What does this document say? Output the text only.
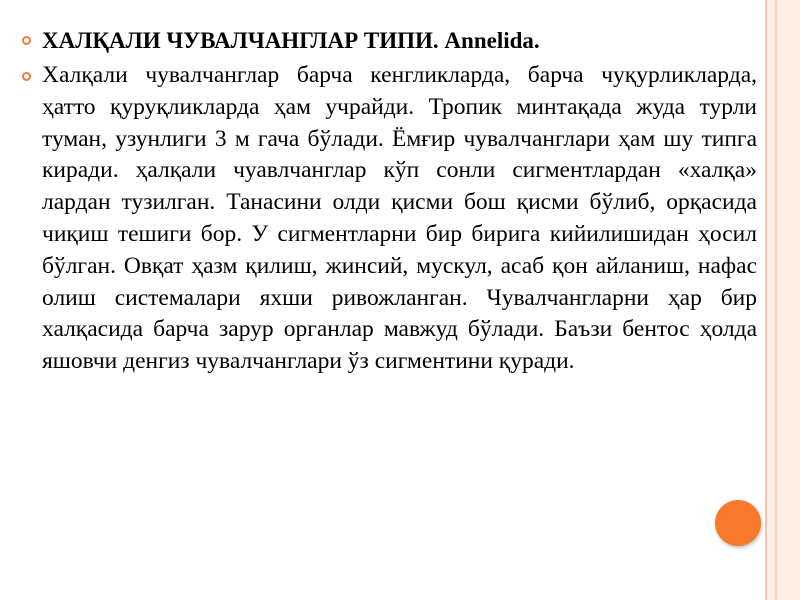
ХАЛҚАЛИ ЧУВАЛЧАНГЛАР ТИПИ. Annelida.
Халқали чувалчанглар барча кенгликларда, барча чуқурликларда, ҳатто қуруқликларда ҳам учрайди. Тропик минтақада жуда турли туман, узунлиги 3 м гача бўлади. Ёмғир чувалчанглари ҳам шу типга киради. ҳалқали чуавлчанглар кўп сонли сигментлардан «халқа» лардан тузилган. Танасини олди қисми бош қисми бўлиб, орқасида чиқиш тешиги бор. У сигментларни бир бирига кийилишидан ҳосил бўлган. Овқат ҳазм қилиш, жинсий, мускул, асаб қон айланиш, нафас олиш системалари яхши ривожланган. Чувалчангларни ҳар бир халқасида барча зарур органлар мавжуд бўлади. Баъзи бентос ҳолда яшовчи денгиз чувалчанглари ўз сигментини қуради.
